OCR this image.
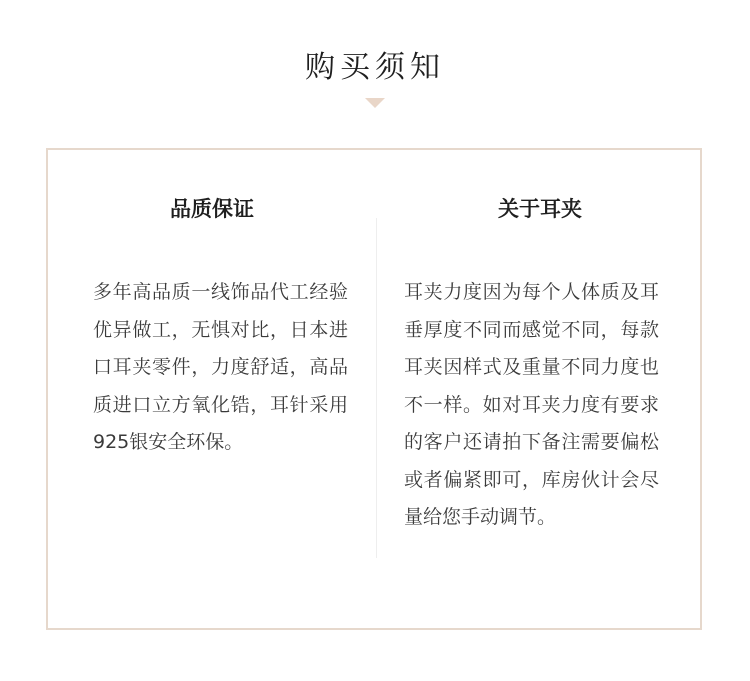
购买须知
品质保证
多年高品质一线饰品代工经验优异做工，无惧对比，日本进口耳夹零件，力度舒适，高品质进口立方氧化锆，耳针采用925银安全环保。
关于耳夹
耳夹力度因为每个人体质及耳垂厚度不同而感觉不同，每款耳夹因样式及重量不同力度也不一样。如对耳夹力度有要求的客户还请拍下备注需要偏松或者偏紧即可，库房伙计会尽量给您手动调节。
